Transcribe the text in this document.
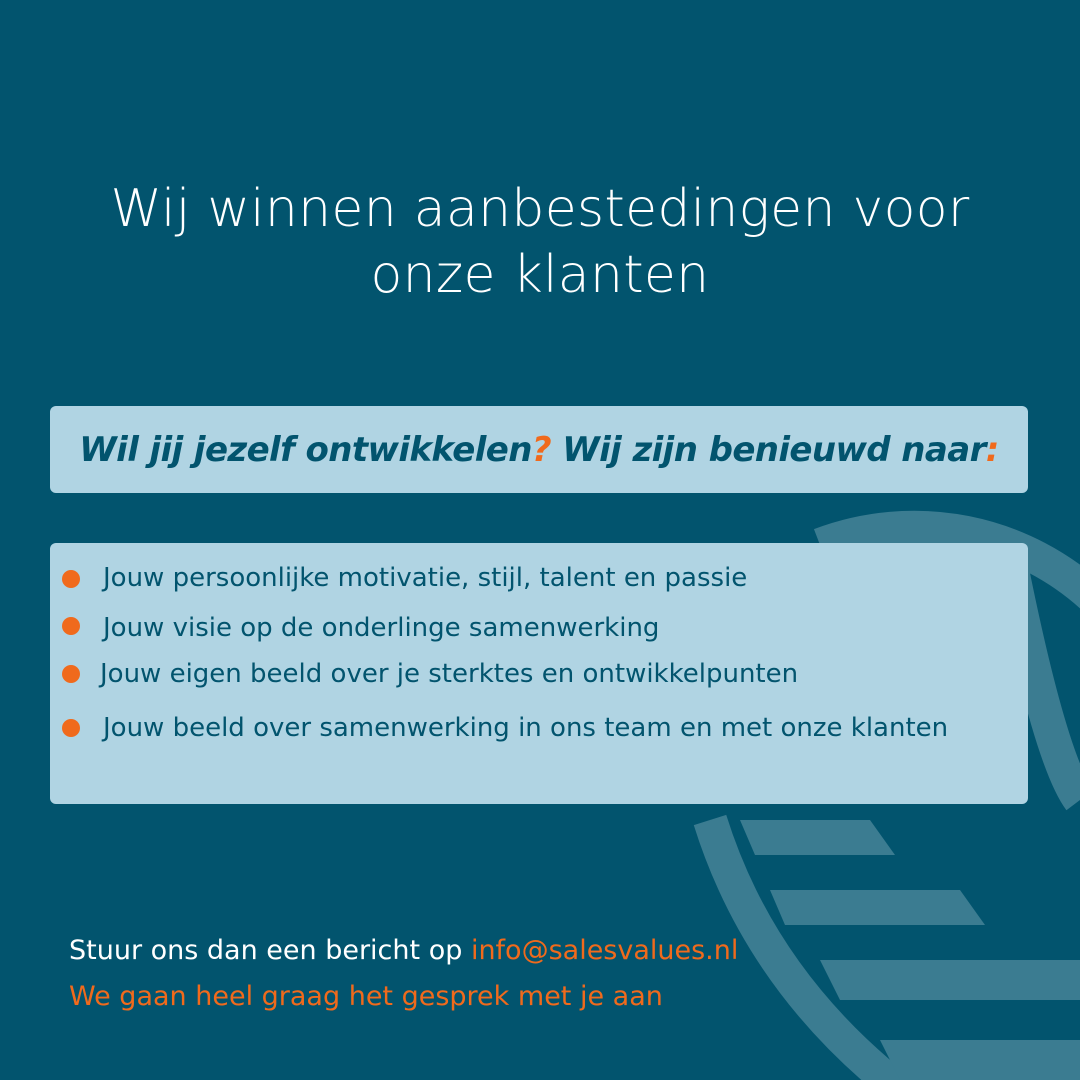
Wij winnen aanbestedingen voor
onze klanten

Wil jij jezelf ontwikkelen? Wij zijn benieuwd naar:

Jouw persoonlijke motivatie, stijl, talent en passie
Jouw visie op de onderlinge samenwerking
Jouw eigen beeld over je sterktes en ontwikkelpunten
Jouw beeld over samenwerking in ons team en met onze klanten
Stuur ons dan een bericht op info@salesvalues.nl
We gaan heel graag het gesprek met je aan
